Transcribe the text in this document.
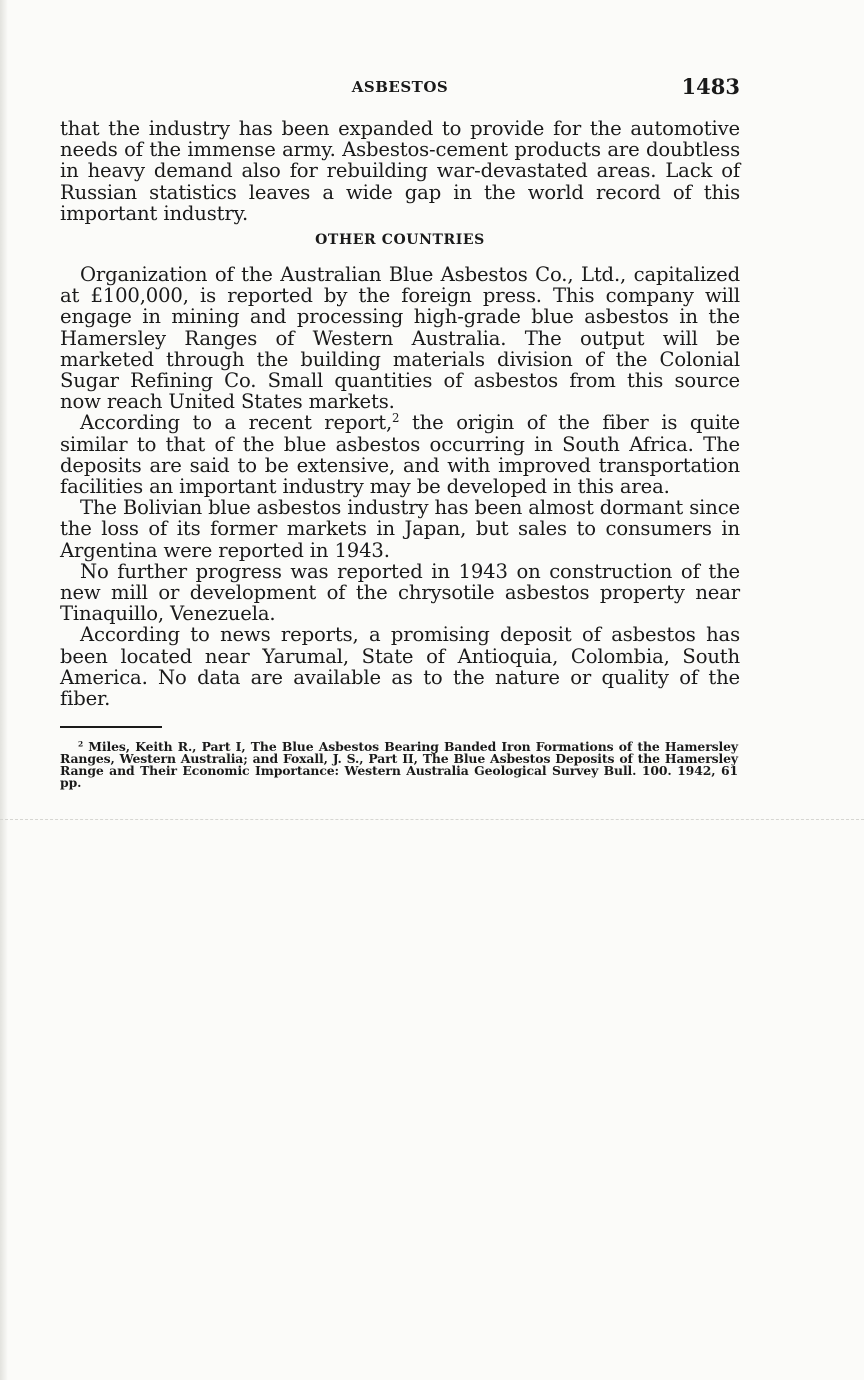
ASBESTOS	1483

that the industry has been expanded to provide for the automotive needs of the immense army. Asbestos-cement products are doubtless in heavy demand also for rebuilding war-devastated areas. Lack of Russian statistics leaves a wide gap in the world record of this important industry.

OTHER COUNTRIES

Organization of the Australian Blue Asbestos Co., Ltd., capitalized at £100,000, is reported by the foreign press. This company will engage in mining and processing high-grade blue asbestos in the Hamersley Ranges of Western Australia. The output will be marketed through the building materials division of the Colonial Sugar Refining Co. Small quantities of asbestos from this source now reach United States markets.

According to a recent report,$^2$ the origin of the fiber is quite similar to that of the blue asbestos occurring in South Africa. The deposits are said to be extensive, and with improved transportation facilities an important industry may be developed in this area.

The Bolivian blue asbestos industry has been almost dormant since the loss of its former markets in Japan, but sales to consumers in Argentina were reported in 1943.

No further progress was reported in 1943 on construction of the new mill or development of the chrysotile asbestos property near Tinaquillo, Venezuela.

According to news reports, a promising deposit of asbestos has been located near Yarumal, State of Antioquia, Colombia, South America. No data are available as to the nature or quality of the fiber.

$^2$ Miles, Keith R., Part I, The Blue Asbestos Bearing Banded Iron Formations of the Hamersley Ranges, Western Australia; and Foxall, J. S., Part II, The Blue Asbestos Deposits of the Hamersley Range and Their Economic Importance: Western Australia Geological Survey Bull. 100. 1942, 61 pp.
